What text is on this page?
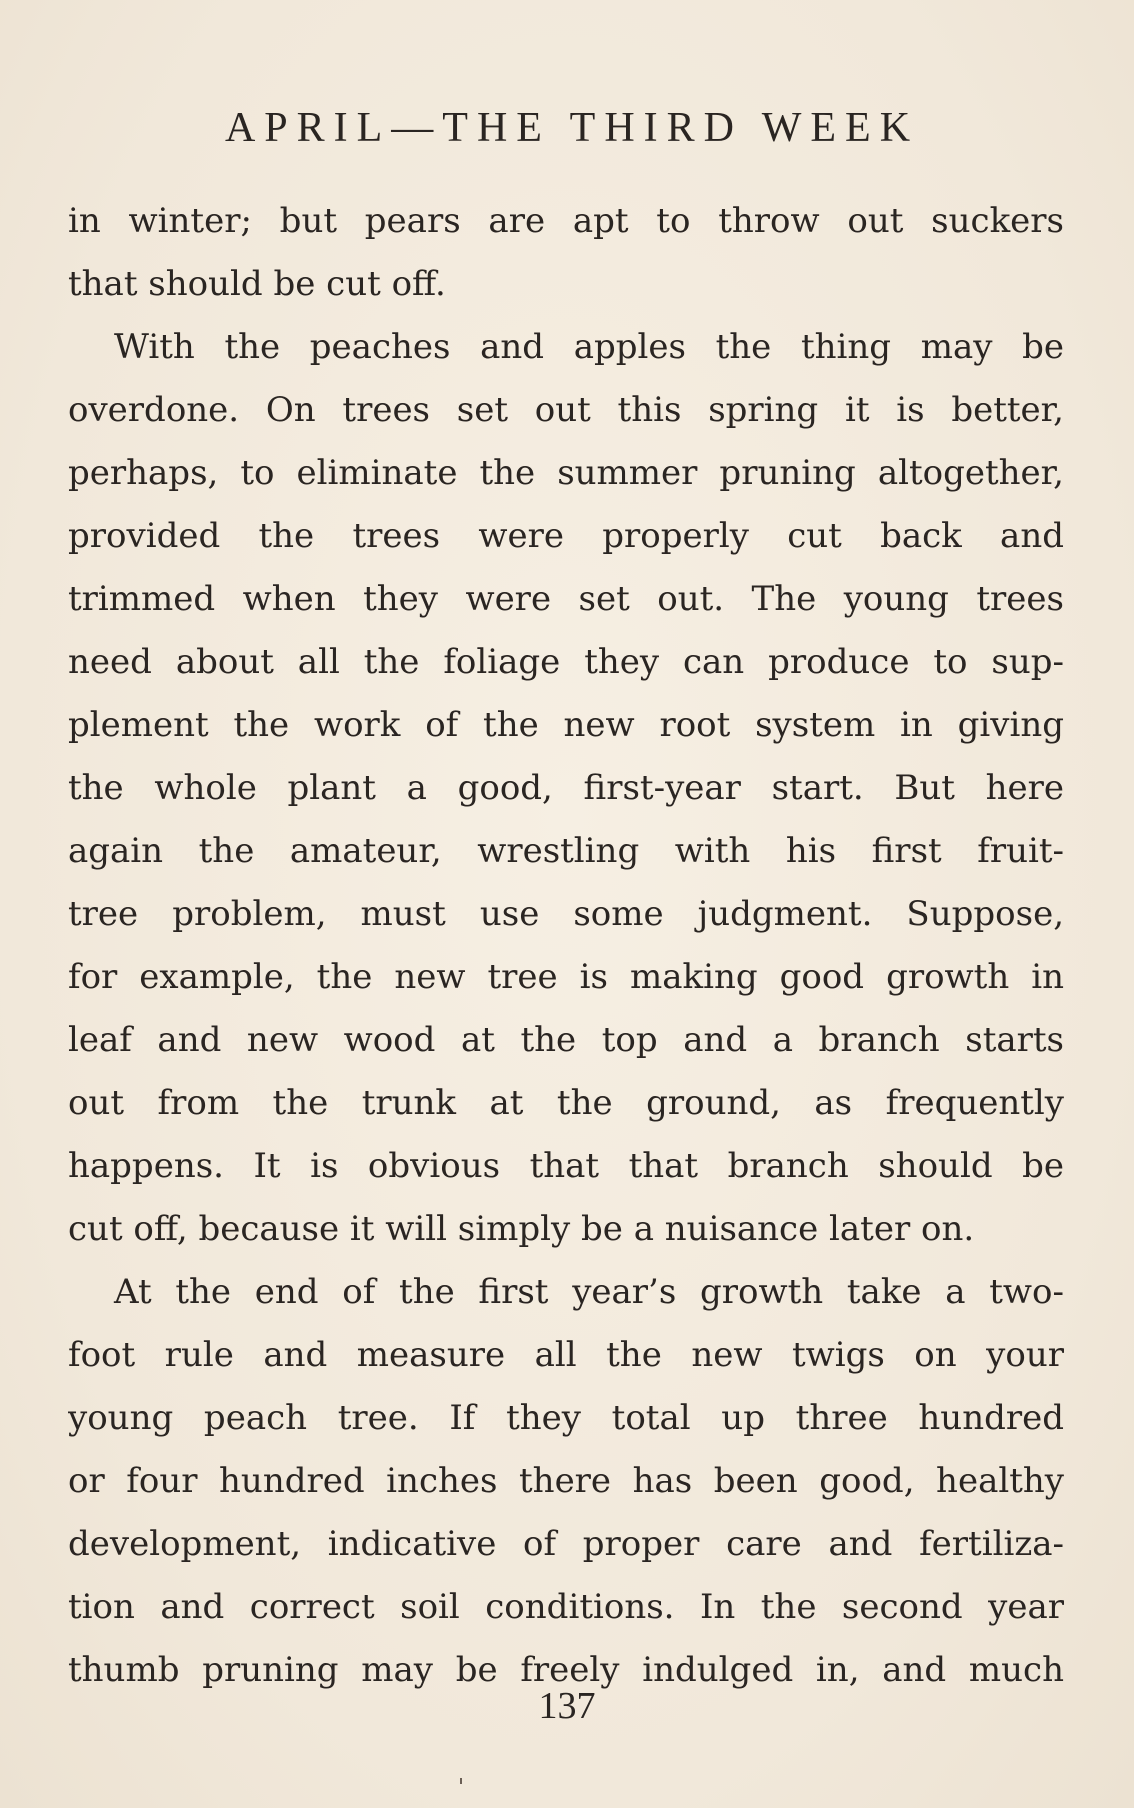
APRIL—THE THIRD WEEK
in winter; but pears are apt to throw out suckers
that should be cut off.
With the peaches and apples the thing may be
overdone. On trees set out this spring it is better,
perhaps, to eliminate the summer pruning altogether,
provided the trees were properly cut back and
trimmed when they were set out. The young trees
need about all the foliage they can produce to sup-
plement the work of the new root system in giving
the whole plant a good, first-year start. But here
again the amateur, wrestling with his first fruit-
tree problem, must use some judgment. Suppose,
for example, the new tree is making good growth in
leaf and new wood at the top and a branch starts
out from the trunk at the ground, as frequently
happens. It is obvious that that branch should be
cut off, because it will simply be a nuisance later on.
At the end of the first year’s growth take a two-
foot rule and measure all the new twigs on your
young peach tree. If they total up three hundred
or four hundred inches there has been good, healthy
development, indicative of proper care and fertiliza-
tion and correct soil conditions. In the second year
thumb pruning may be freely indulged in, and much
137
